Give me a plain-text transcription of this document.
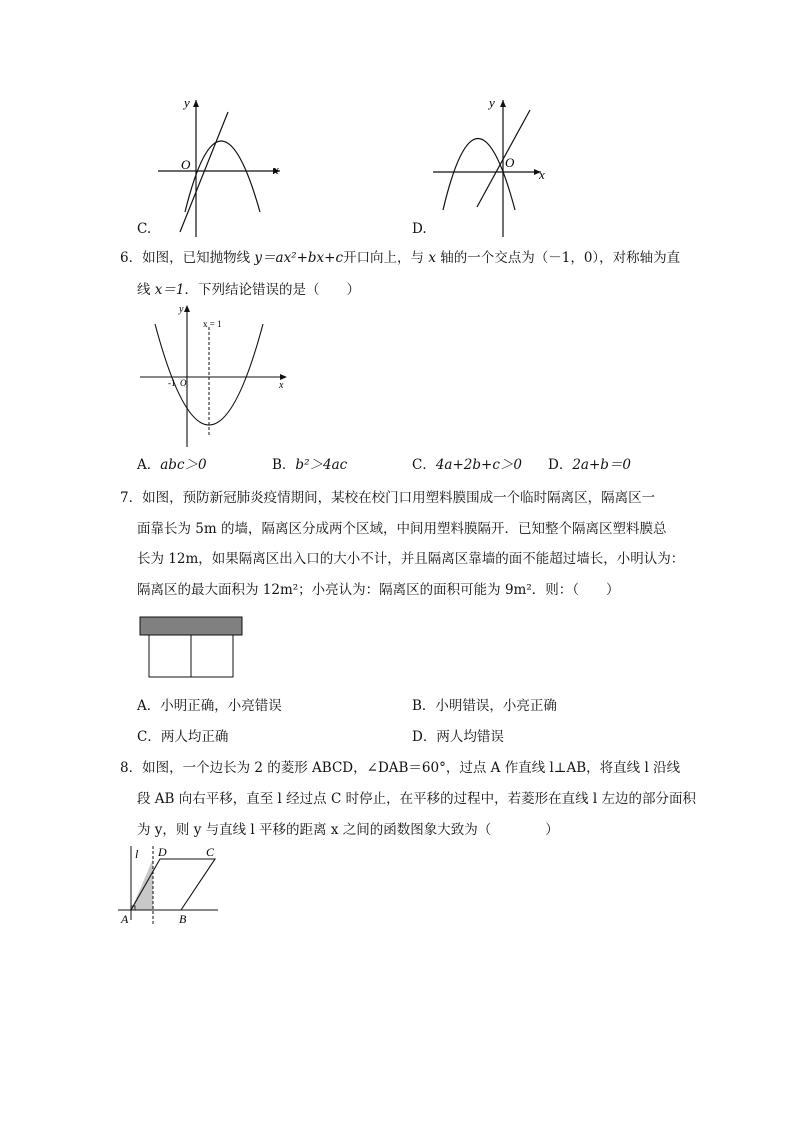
y
x
O
C.
y
x
O
D.
6．如图，已知抛物线 y＝ax²+bx+c开口向上，与 x 轴的一个交点为（－1，0），对称轴为直
线 x＝1．下列结论错误的是（　　）
y
x
x = 1
-1 O
A．abc＞0	B．b²＞4ac	C．4a+2b+c＞0 D．2a+b＝0
7．如图，预防新冠肺炎疫情期间，某校在校门口用塑料膜围成一个临时隔离区，隔离区一
面靠长为 5m 的墙，隔离区分成两个区域，中间用塑料膜隔开．已知整个隔离区塑料膜总
长为 12m，如果隔离区出入口的大小不计，并且隔离区靠墙的面不能超过墙长，小明认为：
隔离区的最大面积为 12m²；小亮认为：隔离区的面积可能为 9m²．则：（　　）
A．小明正确，小亮错误	B．小明错误，小亮正确
C．两人均正确	D．两人均错误
8．如图，一个边长为 2 的菱形 ABCD，∠DAB＝60°，过点 A 作直线 l⊥AB，将直线 l 沿线
段 AB 向右平移，直至 l 经过点 C 时停止，在平移的过程中，若菱形在直线 l 左边的部分面积
为 y，则 y 与直线 l 平移的距离 x 之间的函数图象大致为（　　　　）
l D	C
A	B
